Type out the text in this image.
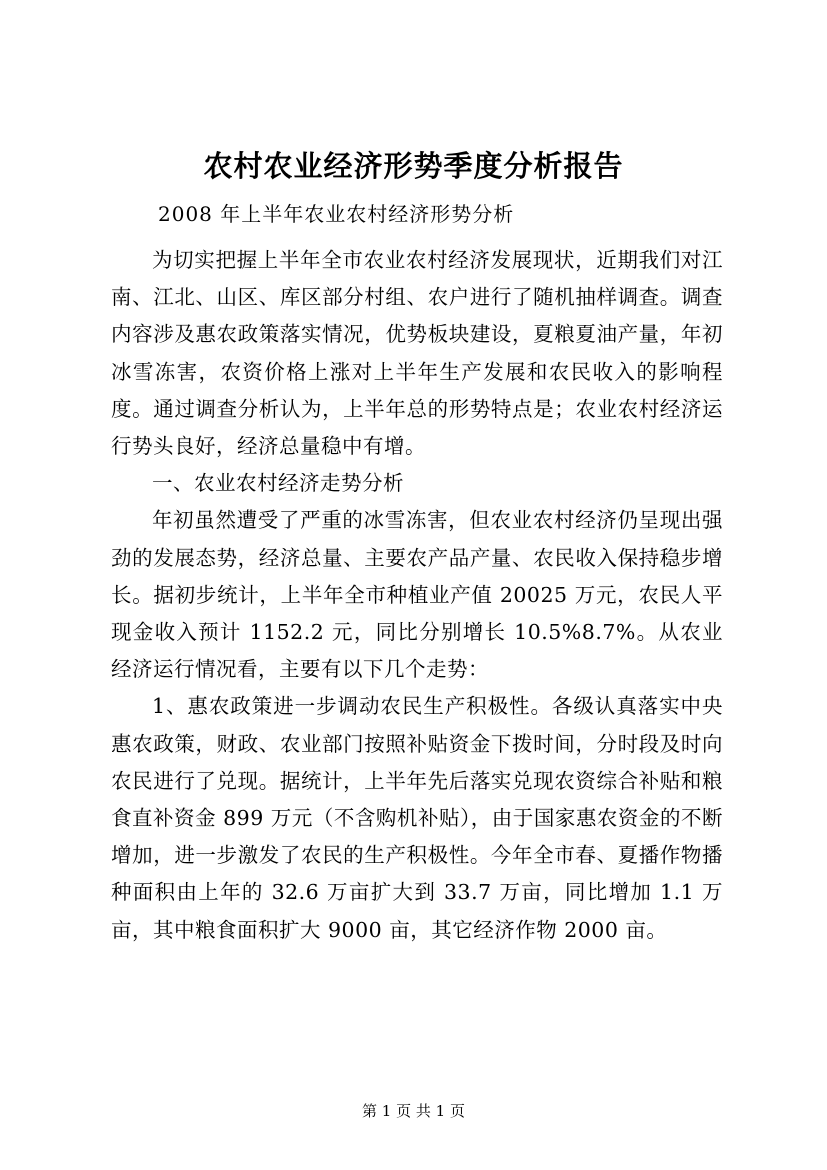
农村农业经济形势季度分析报告

2008 年上半年农业农村经济形势分析

为切实把握上半年全市农业农村经济发展现状，近期我们对江南、江北、山区、库区部分村组、农户进行了随机抽样调查。调查内容涉及惠农政策落实情况，优势板块建设，夏粮夏油产量，年初冰雪冻害，农资价格上涨对上半年生产发展和农民收入的影响程度。通过调查分析认为，上半年总的形势特点是；农业农村经济运行势头良好，经济总量稳中有增。

一、农业农村经济走势分析

年初虽然遭受了严重的冰雪冻害，但农业农村经济仍呈现出强劲的发展态势，经济总量、主要农产品产量、农民收入保持稳步增长。据初步统计，上半年全市种植业产值 20025 万元，农民人平现金收入预计 1152.2 元，同比分别增长 10.5%8.7%。从农业经济运行情况看，主要有以下几个走势：

1、惠农政策进一步调动农民生产积极性。各级认真落实中央惠农政策，财政、农业部门按照补贴资金下拨时间，分时段及时向农民进行了兑现。据统计，上半年先后落实兑现农资综合补贴和粮食直补资金 899 万元（不含购机补贴），由于国家惠农资金的不断增加，进一步激发了农民的生产积极性。今年全市春、夏播作物播种面积由上年的 32.6 万亩扩大到 33.7 万亩，同比增加 1.1 万亩，其中粮食面积扩大 9000 亩，其它经济作物 2000 亩。

第 1 页 共 1 页
